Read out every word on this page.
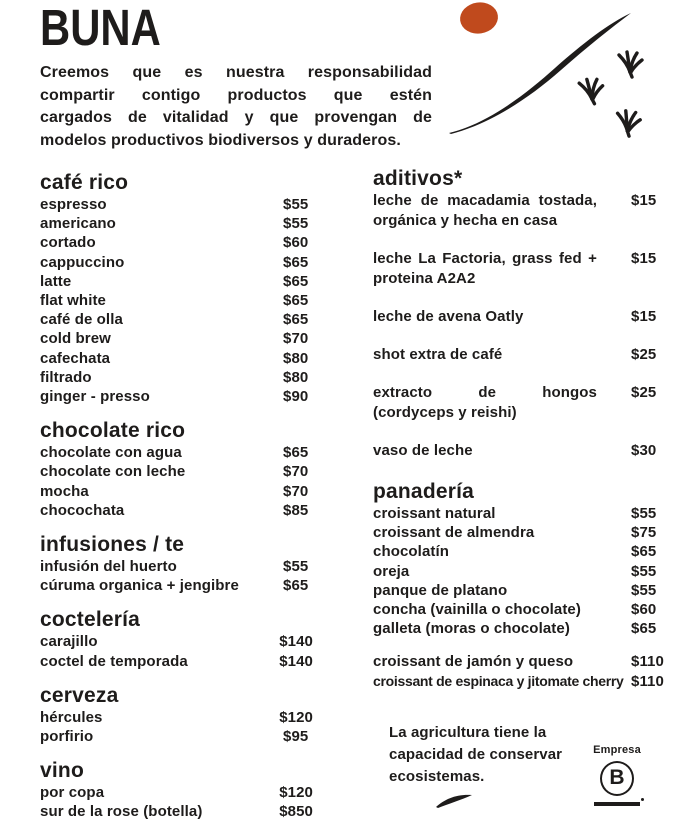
BUNA
Creemos que es nuestra responsabilidad
compartir contigo productos que estén
cargados de vitalidad y que provengan de
modelos productivos biodiversos y duraderos.
café rico
espresso	$55
americano	$55
cortado	$60
cappuccino	$65
latte	$65
flat white	$65
café de olla	$65
cold brew	$70
cafechata	$80
filtrado	$80
ginger - presso	$90
chocolate rico
chocolate con agua	$65
chocolate con leche	$70
mocha	$70
chocochata	$85
infusiones / te
infusión del huerto	$55
cúruma organica + jengibre	$65
coctelería
carajillo	$140
coctel de temporada	$140
cerveza
hércules	$120
porfirio	$95
vino
por copa	$120
sur de la rose (botella)	$850
aditivos*
leche de macadamia tostada, orgánica y hecha en casa
$15
leche La Factoria, grass fed + proteina A2A2
$15
leche de avena Oatly	$15
shot extra de café	$25
extracto de hongos (cordyceps y reishi)
$25
vaso de leche	$30
panadería
croissant natural	$55
croissant de almendra	$75
chocolatín	$65
oreja	$55
panque de platano	$55
concha (vainilla o chocolate)	$60
galleta (moras o chocolate)	$65
croissant de jamón y queso	$110
croissant de espinaca y jitomate cherry $110
La agricultura tiene la
capacidad de conservar
ecosistemas.
Empresa
B
